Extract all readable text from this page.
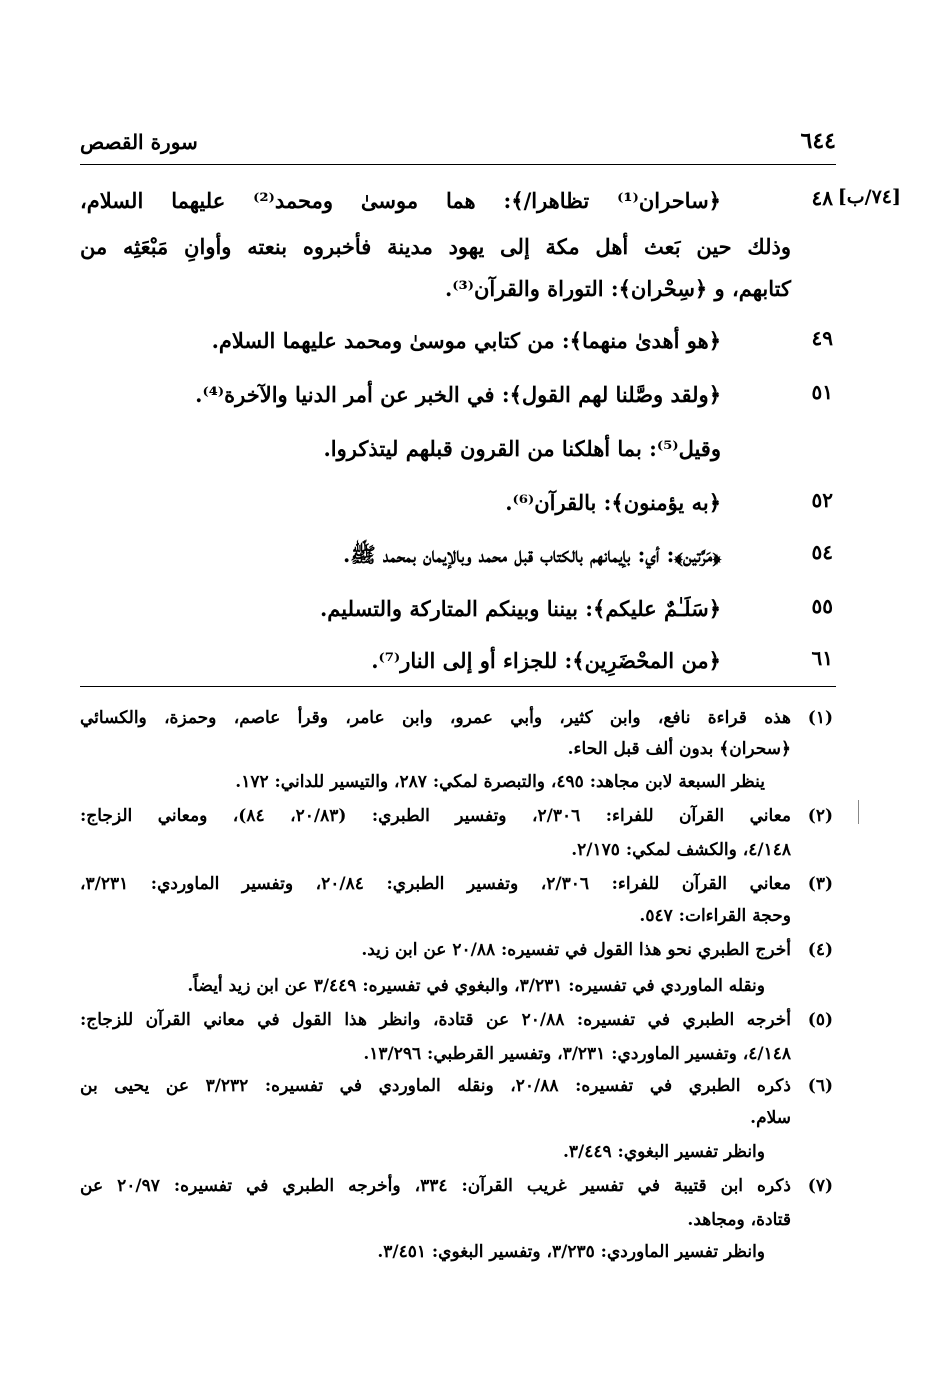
٦٤٤
سورة القصص
[٧٤/ب]
٤٨
﴿ساحران⁽¹⁾ تظاهرا/﴾: هما موسىٰ ومحمد⁽²⁾ عليهما السلام،
وذلك حين بَعث أهل مكة إلى يهود مدينة فأخبروه بنعته وأوانِ مَبْعَثِه من
كتابهم، و ﴿سِحْران﴾: التوراة والقرآن⁽³⁾.
٤٩
﴿هو أهدىٰ منهما﴾: من كتابي موسىٰ ومحمد عليهما السلام.
٥١
﴿ولقد وصَّلنا لهم القول﴾: في الخبر عن أمر الدنيا والآخرة⁽⁴⁾.
وقيل⁽⁵⁾: بما أهلكنا من القرون قبلهم ليتذكروا.
٥٢
﴿به يؤمنون﴾: بالقرآن⁽⁶⁾.
٥٤
﴿مَرَّتين﴾: أي: بإيمانهم بالكتاب قبل محمد وبالإيمان بمحمد ﷺ.
٥٥
﴿سَلَـٰمٌ عليكم﴾: بيننا وبينكم المتاركة والتسليم.
٦١
﴿من المحْضَرِين﴾: للجزاء أو إلى النار⁽⁷⁾.
(١)
هذه قراءة نافع، وابن كثير، وأبي عمرو، وابن عامر، وقرأ عاصم، وحمزة، والكسائي
﴿سحران﴾ بدون ألف قبل الحاء.
ينظر السبعة لابن مجاهد: ٤٩٥، والتبصرة لمكي: ٢٨٧، والتيسير للداني: ١٧٢.
(٢)
معاني القرآن للفراء: ٢/٣٠٦، وتفسير الطبري: (٢٠/٨٣، ٨٤)، ومعاني الزجاج:
٤/١٤٨، والكشف لمكي: ٢/١٧٥.
(٣)
معاني القرآن للفراء: ٢/٣٠٦، وتفسير الطبري: ٢٠/٨٤، وتفسير الماوردي: ٣/٢٣١،
وحجة القراءات: ٥٤٧.
(٤)
أخرج الطبري نحو هذا القول في تفسيره: ٢٠/٨٨ عن ابن زيد.
ونقله الماوردي في تفسيره: ٣/٢٣١، والبغوي في تفسيره: ٣/٤٤٩ عن ابن زيد أيضاً.
(٥)
أخرجه الطبري في تفسيره: ٢٠/٨٨ عن قتادة، وانظر هذا القول في معاني القرآن للزجاج:
٤/١٤٨، وتفسير الماوردي: ٣/٢٣١، وتفسير القرطبي: ١٣/٢٩٦.
(٦)
ذكره الطبري في تفسيره: ٢٠/٨٨، ونقله الماوردي في تفسيره: ٣/٢٣٢ عن يحيى بن
سلام.
وانظر تفسير البغوي: ٣/٤٤٩.
(٧)
ذكره ابن قتيبة في تفسير غريب القرآن: ٣٣٤، وأخرجه الطبري في تفسيره: ٢٠/٩٧ عن
قتادة، ومجاهد.
وانظر تفسير الماوردي: ٣/٢٣٥، وتفسير البغوي: ٣/٤٥١.
